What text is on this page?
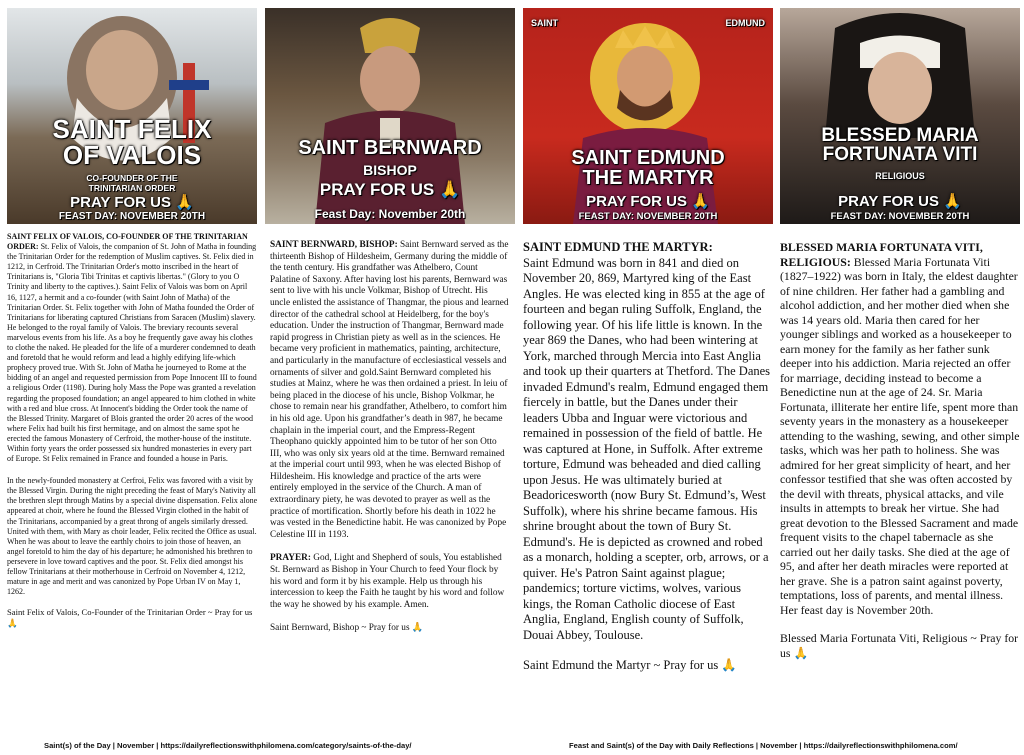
SAINT FELIX
OF VALOIS
CO-FOUNDER OF THE
TRINITARIAN ORDER
PRAY FOR US 🙏
FEAST DAY: NOVEMBER 20TH
SAINT BERNWARD
BISHOP
PRAY FOR US 🙏
Feast Day: November 20th
SAINT	EDMUND
SAINT EDMUND
THE MARTYR
PRAY FOR US 🙏
FEAST DAY: NOVEMBER 20TH
BLESSED MARIA
FORTUNATA VITI
RELIGIOUS
PRAY FOR US 🙏
FEAST DAY: NOVEMBER 20TH

SAINT FELIX OF VALOIS, CO-FOUNDER OF THE TRINITARIAN ORDER: St. Felix of Valois, the companion of St. John of Matha in founding the Trinitarian Order for the redemption of Muslim captives. St. Felix died in 1212, in Cerfroid. The Trinitarian Order's motto inscribed in the heart of Trinitarians is, "Gloria Tibi Trinitas et captivis libertas." (Glory to you O Trinity and liberty to the captives.). Saint Felix of Valois was born on April 16, 1127, a hermit and a co-founder (with Saint John of Matha) of the Trinitarian Order. St. Felix together with John of Matha founded the Order of Trinitarians for liberating captured Christians from Saracen (Muslim) slavery. He belonged to the royal family of Valois. The breviary recounts several marvelous events from his life. As a boy he frequently gave away his clothes to clothe the naked. He pleaded for the life of a murderer condemned to death and foretold that he would reform and lead a highly edifying life-which prophecy proved true. With St. John of Matha he journeyed to Rome at the bidding of an angel and requested permission from Pope Innocent III to found a religious Order (1198). During holy Mass the Pope was granted a revelation regarding the proposed foundation; an angel appeared to him clothed in white with a red and blue cross. At Innocent's bidding the Order took the name of the Blessed Trinity. Margaret of Blois granted the order 20 acres of the wood where Felix had built his first hermitage, and on almost the same spot he erected the famous Monastery of Cerfroid, the mother-house of the institute. Within forty years the order possessed six hundred monasteries in every part of Europe. St Felix remained in France and founded a house in Paris.

In the newly-founded monastery at Cerfroi, Felix was favored with a visit by the Blessed Virgin. During the night preceding the feast of Mary's Nativity all the brethren slept through Matins by a special divine dispensation. Felix alone appeared at choir, where he found the Blessed Virgin clothed in the habit of the Trinitarians, accompanied by a great throng of angels similarly dressed. United with them, with Mary as choir leader, Felix recited the Office as usual. When he was about to leave the earthly choirs to join those of heaven, an angel foretold to him the day of his departure; he admonished his brethren to persevere in love toward captives and the poor. St. Felix died amongst his fellow Trinitarians at their motherhouse in Cerfroid on November 4, 1212, mature in age and merit and was canonized by Pope Urban IV on May 1, 1262.

Saint Felix of Valois, Co-Founder of the Trinitarian Order ~ Pray for us 🙏

SAINT BERNWARD, BISHOP: Saint Bernward served as the thirteenth Bishop of Hildesheim, Germany during the middle of the tenth century. His grandfather was Athelbero, Count Palatine of Saxony. After having lost his parents, Bernward was sent to live with his uncle Volkmar, Bishop of Utrecht. His uncle enlisted the assistance of Thangmar, the pious and learned director of the cathedral school at Heidelberg, for the boy's education. Under the instruction of Thangmar, Bernward made rapid progress in Christian piety as well as in the sciences. He became very proficient in mathematics, painting, architecture, and particularly in the manufacture of ecclesiastical vessels and ornaments of silver and gold.Saint Bernward completed his studies at Mainz, where he was then ordained a priest. In leiu of being placed in the diocese of his uncle, Bishop Volkmar, he chose to remain near his grandfather, Athelbero, to comfort him in his old age. Upon his grandfather’s death in 987, he became chaplain in the imperial court, and the Empress-Regent Theophano quickly appointed him to be tutor of her son Otto III, who was only six years old at the time. Bernward remained at the imperial court until 993, when he was elected Bishop of Hildesheim. His knowledge and practice of the arts were entirely employed in the service of the Church. A man of extraordinary piety, he was devoted to prayer as well as the practice of mortification. Shortly before his death in 1022 he was vested in the Benedictine habit. He was canonized by Pope Celestine III in 1193.

PRAYER: God, Light and Shepherd of souls, You established St. Bernward as Bishop in Your Church to feed Your flock by his word and form it by his example. Help us through his intercession to keep the Faith he taught by his word and follow the way he showed by his example. Amen.

Saint Bernward, Bishop ~ Pray for us 🙏

SAINT EDMUND THE MARTYR:

Saint Edmund was born in 841 and died on November 20, 869, Martyred king of the East Angles. He was elected king in 855 at the age of fourteen and began ruling Suffolk, England, the following year. Of his life little is known. In the year 869 the Danes, who had been wintering at York, marched through Mercia into East Anglia and took up their quarters at Thetford. The Danes invaded Edmund's realm, Edmund engaged them fiercely in battle, but the Danes under their leaders Ubba and Inguar were victorious and remained in possession of the field of battle. He was captured at Hone, in Suffolk. After extreme torture, Edmund was beheaded and died calling upon Jesus. He was ultimately buried at Beadoricesworth (now Bury St. Edmund’s, West Suffolk), where his shrine became famous. His shrine brought about the town of Bury St. Edmund's. He is depicted as crowned and robed as a monarch, holding a scepter, orb, arrows, or a quiver. He's Patron Saint against plague; pandemics; torture victims, wolves, various kings, the Roman Catholic diocese of East Anglia, England, English county of Suffolk, Douai Abbey, Toulouse.

Saint Edmund the Martyr ~ Pray for us 🙏

BLESSED MARIA FORTUNATA VITI, RELIGIOUS: Blessed Maria Fortunata Viti (1827–1922) was born in Italy, the eldest daughter of nine children. Her father had a gambling and alcohol addiction, and her mother died when she was 14 years old. Maria then cared for her younger siblings and worked as a housekeeper to earn money for the family as her father sunk deeper into his addiction. Maria rejected an offer for marriage, deciding instead to become a Benedictine nun at the age of 24. Sr. Maria Fortunata, illiterate her entire life, spent more than seventy years in the monastery as a housekeeper attending to the washing, sewing, and other simple tasks, which was her path to holiness. She was admired for her great simplicity of heart, and her confessor testified that she was often accosted by the devil with threats, physical attacks, and vile insults in attempts to break her virtue. She had great devotion to the Blessed Sacrament and made frequent visits to the chapel tabernacle as she carried out her daily tasks. She died at the age of 95, and after her death miracles were reported at her grave. She is a patron saint against poverty, temptations, loss of parents, and mental illness. Her feast day is November 20th.

Blessed Maria Fortunata Viti, Religious ~ Pray for us 🙏

Saint(s) of the Day | November | https://dailyreflectionswithphilomena.com/category/saints-of-the-day/	Feast and Saint(s) of the Day with Daily Reflections | November | https://dailyreflectionswithphilomena.com/
